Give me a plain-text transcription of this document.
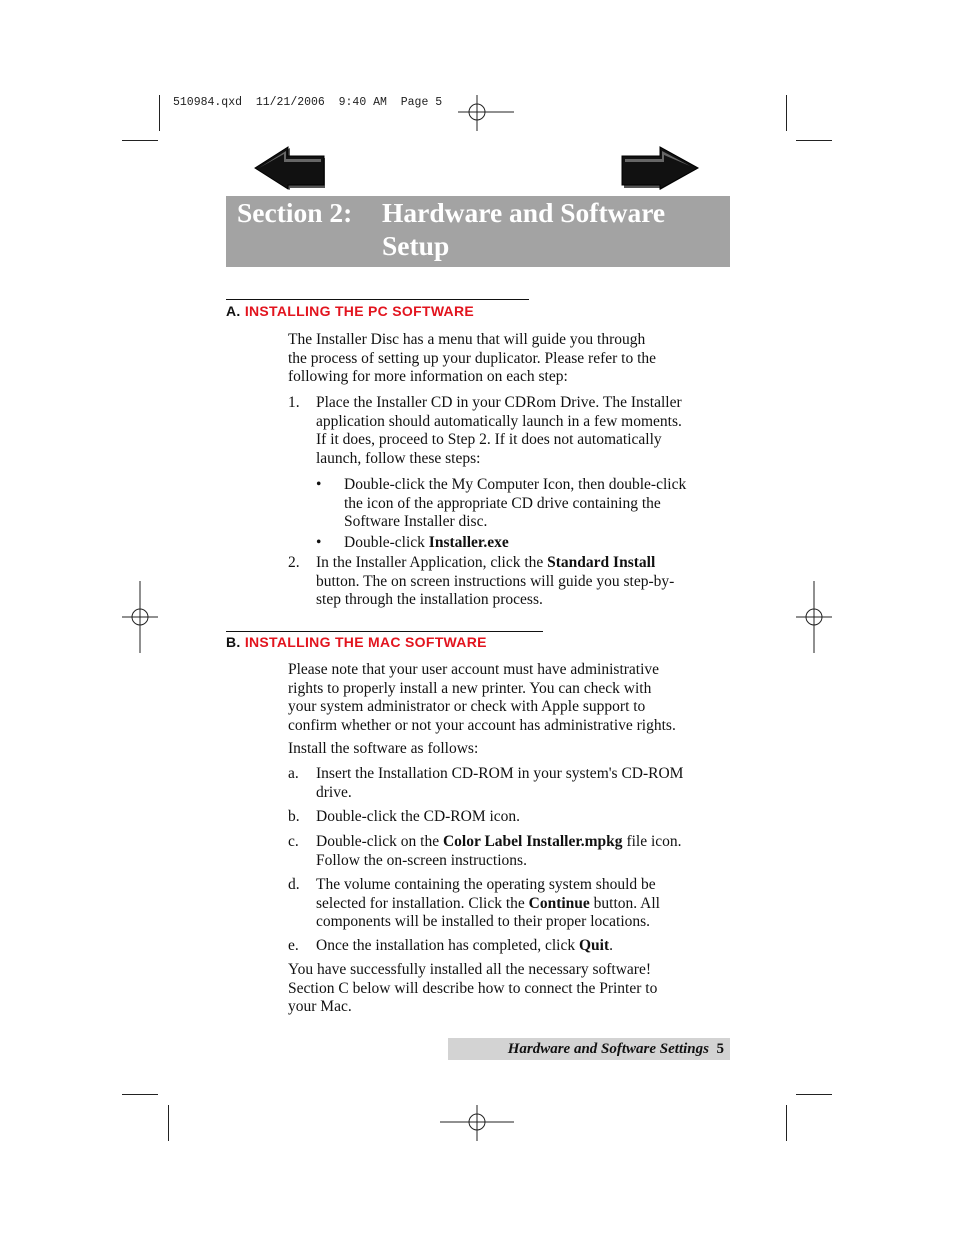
510984.qxd  11/21/2006  9:40 AM  Page 5
Section 2: Hardware and Software
Setup
A. INSTALLING THE PC SOFTWARE
The Installer Disc has a menu that will guide you through
the process of setting up your duplicator. Please refer to the
following for more information on each step:
1. Place the Installer CD in your CDRom Drive. The Installer
application should automatically launch in a few moments.
If it does, proceed to Step 2. If it does not automatically
launch, follow these steps:
• Double-click the My Computer Icon, then double-click
the icon of the appropriate CD drive containing the
Software Installer disc.
• Double-click Installer.exe
2. In the Installer Application, click the Standard Install
button. The on screen instructions will guide you step-by-
step through the installation process.
B. INSTALLING THE MAC SOFTWARE
Please note that your user account must have administrative
rights to properly install a new printer. You can check with
your system administrator or check with Apple support to
confirm whether or not your account has administrative rights.
Install the software as follows:
a. Insert the Installation CD-ROM in your system's CD-ROM
drive.
b. Double-click the CD-ROM icon.
c. Double-click on the Color Label Installer.mpkg file icon.
Follow the on-screen instructions.
d. The volume containing the operating system should be
selected for installation. Click the Continue button. All
components will be installed to their proper locations.
e. Once the installation has completed, click Quit.
You have successfully installed all the necessary software!
Section C below will describe how to connect the Printer to
your Mac.
Hardware and Software Settings 5
